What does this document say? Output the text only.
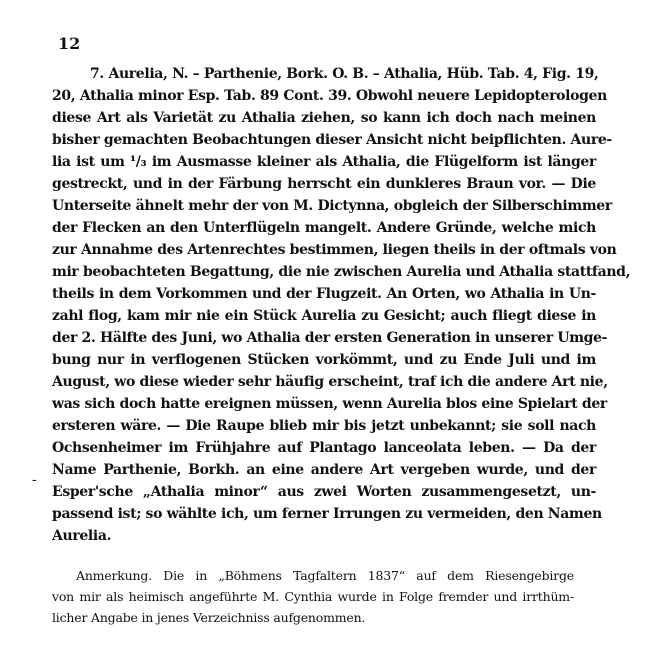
12
7. Aurelia, N. – Parthenie, Bork. O. B. – Athalia, Hüb. Tab. 4, Fig. 19,
20, Athalia minor Esp. Tab. 89 Cont. 39. Obwohl neuere Lepidopterologen
diese Art als Varietät zu Athalia ziehen, so kann ich doch nach meinen
bisher gemachten Beobachtungen dieser Ansicht nicht beipflichten. Aure-
lia ist um ¹/₃ im Ausmasse kleiner als Athalia, die Flügelform ist länger
gestreckt, und in der Färbung herrscht ein dunkleres Braun vor. — Die
Unterseite ähnelt mehr der von M. Dictynna, obgleich der Silberschimmer
der Flecken an den Unterflügeln mangelt. Andere Gründe, welche mich
zur Annahme des Artenrechtes bestimmen, liegen theils in der oftmals von
mir beobachteten Begattung, die nie zwischen Aurelia und Athalia stattfand,
theils in dem Vorkommen und der Flugzeit. An Orten, wo Athalia in Un-
zahl flog, kam mir nie ein Stück Aurelia zu Gesicht; auch fliegt diese in
der 2. Hälfte des Juni, wo Athalia der ersten Generation in unserer Umge-
bung nur in verflogenen Stücken vorkömmt, und zu Ende Juli und im
August, wo diese wieder sehr häufig erscheint, traf ich die andere Art nie,
was sich doch hatte ereignen müssen, wenn Aurelia blos eine Spielart der
ersteren wäre. — Die Raupe blieb mir bis jetzt unbekannt; sie soll nach
Ochsenheimer im Frühjahre auf Plantago lanceolata leben. — Da der
Name Parthenie, Borkh. an eine andere Art vergeben wurde, und der
Esper'sche „Athalia minor“ aus zwei Worten zusammengesetzt, un-
passend ist; so wählte ich, um ferner Irrungen zu vermeiden, den Namen
Aurelia.
-
Anmerkung. Die in „Böhmens Tagfaltern 1837“ auf dem Riesengebirge
von mir als heimisch angeführte M. Cynthia wurde in Folge fremder und irrthüm-
licher Angabe in jenes Verzeichniss aufgenommen.
